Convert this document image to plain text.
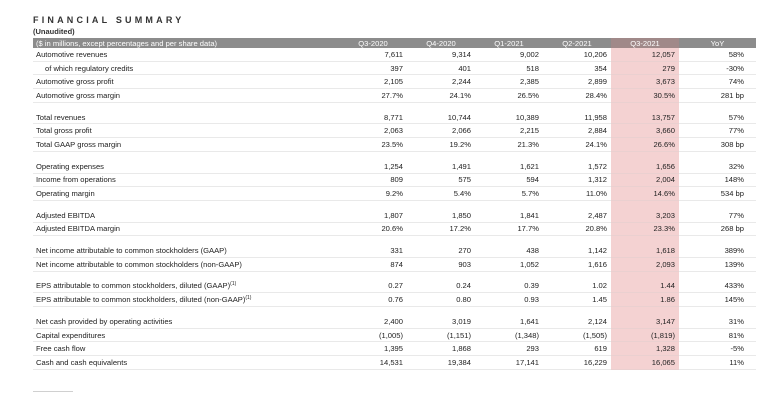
FINANCIAL SUMMARY
(Unaudited)
($ in millions, except percentages and per share data)	Q3-2020	Q4-2020	Q1-2021	Q2-2021	Q3-2021	YoY
Automotive revenues	7,611	9,314	9,002	10,206	12,057	58%
of which regulatory credits	397	401	518	354	279	-30%
Automotive gross profit	2,105	2,244	2,385	2,899	3,673	74%
Automotive gross margin	27.7%	24.1%	26.5%	28.4%	30.5%	281 bp

Total revenues	8,771	10,744	10,389	11,958	13,757	57%
Total gross profit	2,063	2,066	2,215	2,884	3,660	77%
Total GAAP gross margin	23.5%	19.2%	21.3%	24.1%	26.6%	308 bp

Operating expenses	1,254	1,491	1,621	1,572	1,656	32%
Income from operations	809	575	594	1,312	2,004	148%
Operating margin	9.2%	5.4%	5.7%	11.0%	14.6%	534 bp

Adjusted EBITDA	1,807	1,850	1,841	2,487	3,203	77%
Adjusted EBITDA margin	20.6%	17.2%	17.7%	20.8%	23.3%	268 bp

Net income attributable to common stockholders (GAAP)	331	270	438	1,142	1,618	389%
Net income attributable to common stockholders (non-GAAP)	874	903	1,052	1,616	2,093	139%

EPS attributable to common stockholders, diluted (GAAP)$^{(1)}$	0.27	0.24	0.39	1.02	1.44	433%
EPS attributable to common stockholders, diluted (non-GAAP)$^{(1)}$	0.76	0.80	0.93	1.45	1.86	145%

Net cash provided by operating activities	2,400	3,019	1,641	2,124	3,147	31%
Capital expenditures	(1,005)	(1,151)	(1,348)	(1,505)	(1,819)	81%
Free cash flow	1,395	1,868	293	619	1,328	-5%
Cash and cash equivalents	14,531	19,384	17,141	16,229	16,065	11%
